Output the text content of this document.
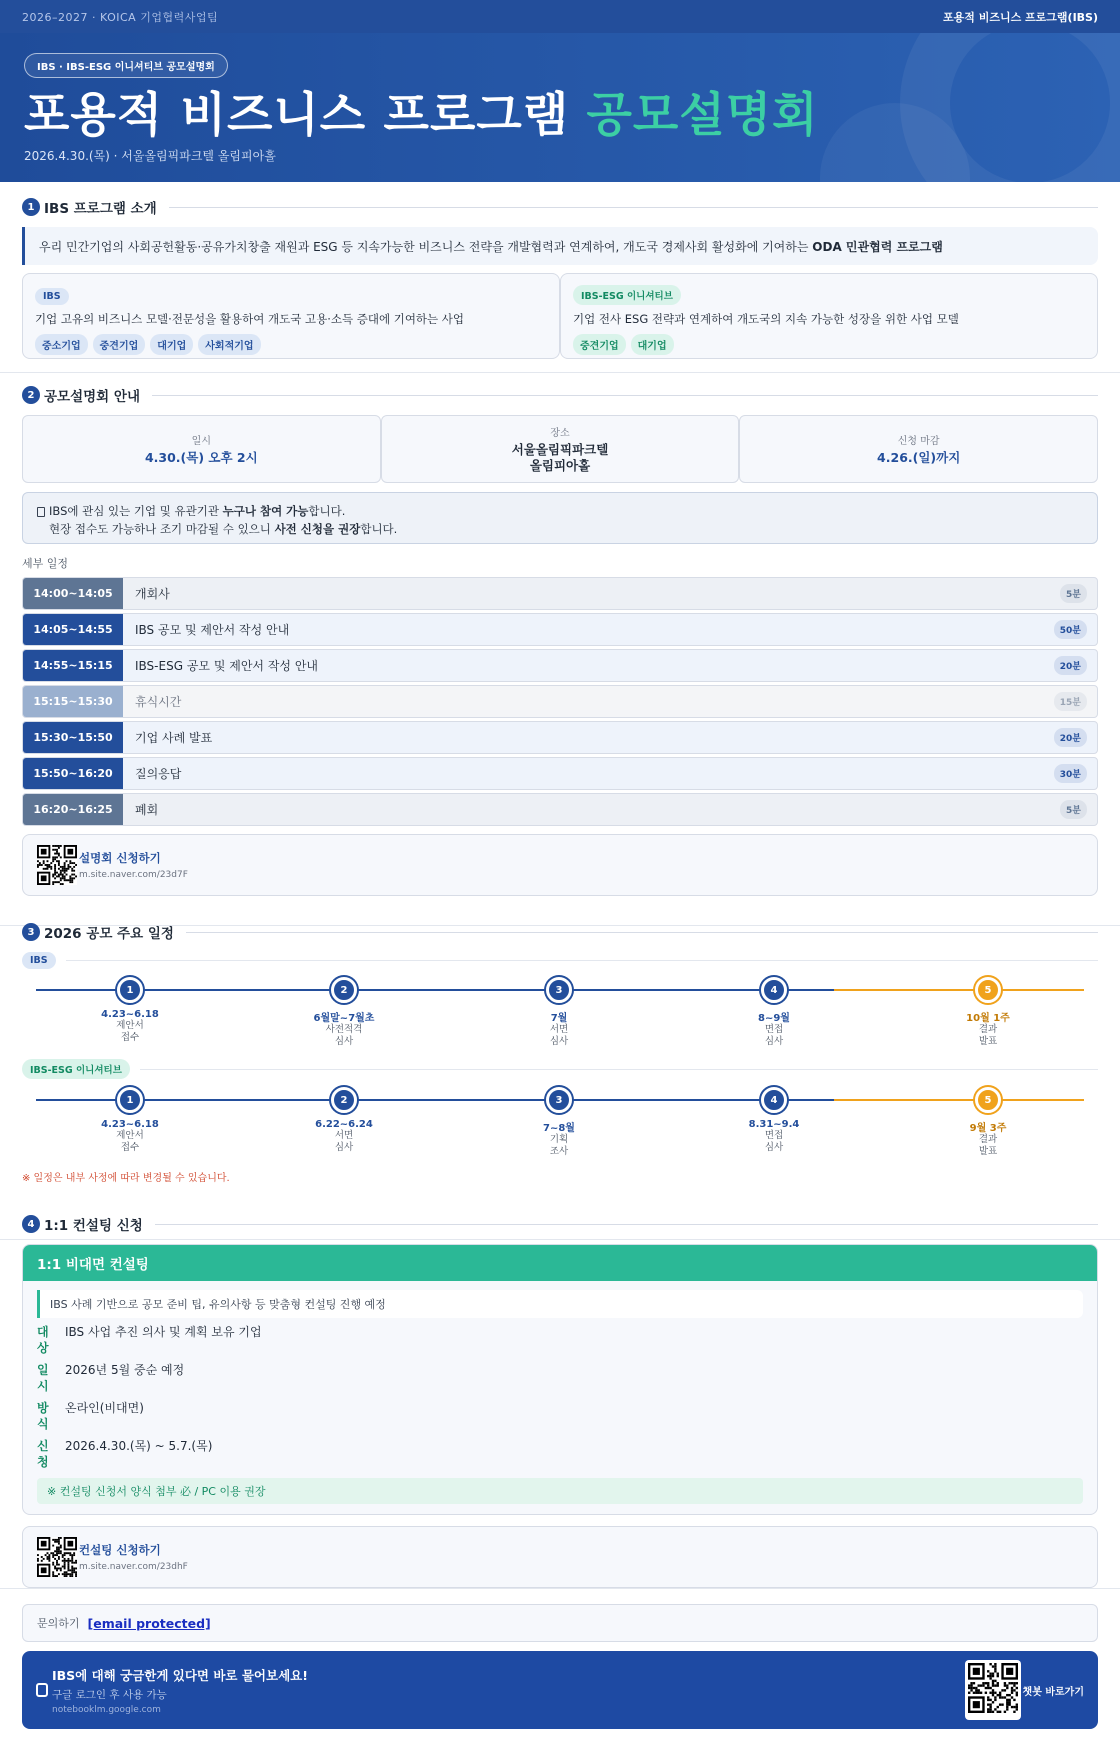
2026–2027 · KOICA 기업협력사업팀	포용적 비즈니스 프로그램(IBS)
IBS · IBS-ESG 이니셔티브 공모설명회
포용적 비즈니스 프로그램 공모설명회
2026.4.30.(목) · 서울올림픽파크텔 올림피아홀
1 IBS 프로그램 소개
우리 민간기업의 사회공헌활동·공유가치창출 재원과 ESG 등 지속가능한 비즈니스 전략을 개발협력과 연계하여, 개도국 경제사회 활성화에 기여하는 ODA 민관협력 프로그램
IBS

기업 고유의 비즈니스 모델·전문성을 활용하여 개도국 고용·소득 증대에 기여하는 사업

중소기업	중견기업	대기업	사회적기업
IBS-ESG 이니셔티브

기업 전사 ESG 전략과 연계하여 개도국의 지속 가능한 성장을 위한 사업 모델

중견기업	대기업
2 공모설명회 안내
일시
4.30.(목) 오후 2시
장소
서울올림픽파크텔
올림피아홀
신청 마감
4.26.(일)까지
IBS에 관심 있는 기업 및 유관기관 누구나 참여 가능합니다.
현장 접수도 가능하나 조기 마감될 수 있으니 사전 신청을 권장합니다.
세부 일정
14:00~14:05	개회사	5분
14:05~14:55	IBS 공모 및 제안서 작성 안내	50분
14:55~15:15	IBS-ESG 공모 및 제안서 작성 안내	20분
15:15~15:30	휴식시간	15분
15:30~15:50	기업 사례 발표	20분
15:50~16:20	질의응답	30분
16:20~16:25	폐회	5분
설명회 신청하기
m.site.naver.com/23d7F
3 2026 공모 주요 일정
IBS
1
4.23~6.18
제안서
접수
2
6월말~7월초
사전적격
심사
3
7월
서면
심사
4
8~9월
면접
심사
5
10월 1주
결과
발표
IBS-ESG 이니셔티브
1
4.23~6.18
제안서
접수
2
6.22~6.24
서면
심사
3
7~8월
기획
조사
4
8.31~9.4
면접
심사
5
9월 3주
결과
발표
※ 일정은 내부 사정에 따라 변경될 수 있습니다.
4 1:1 컨설팅 신청
1:1 비대면 컨설팅
IBS 사례 기반으로 공모 준비 팁, 유의사항 등 맞춤형 컨설팅 진행 예정
대상
IBS 사업 추진 의사 및 계획 보유 기업
일시
2026년 5월 중순 예정
방식
온라인(비대면)
신청
2026.4.30.(목) ~ 5.7.(목)
※ 컨설팅 신청서 양식 첨부 必 / PC 이용 권장
컨설팅 신청하기
m.site.naver.com/23dhF
문의하기 [email protected]
IBS에 대해 궁금한게 있다면 바로 물어보세요!
구글 로그인 후 사용 가능
notebooklm.google.com
챗봇 바로가기
